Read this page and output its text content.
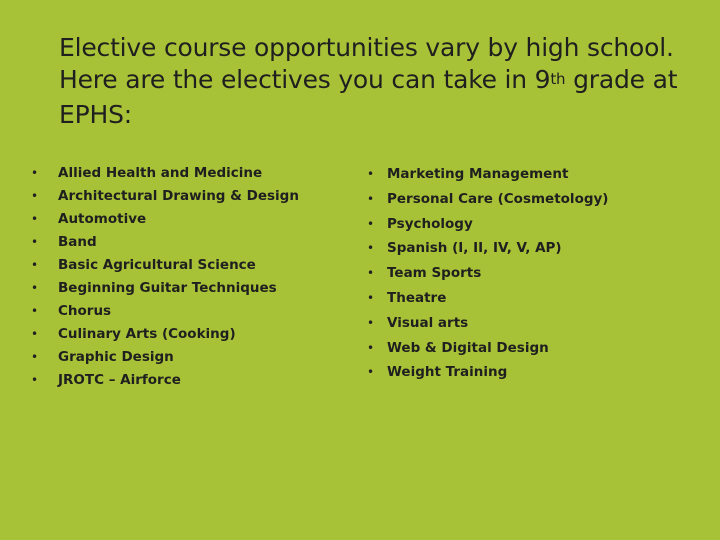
Elective course opportunities vary by high school.
Here are the electives you can take in 9th grade at
EPHS:
• Allied Health and Medicine
• Architectural Drawing & Design
• Automotive
• Band
• Basic Agricultural Science
• Beginning Guitar Techniques
• Chorus
• Culinary Arts (Cooking)
• Graphic Design
• JROTC – Airforce
• Marketing Management
• Personal Care (Cosmetology)
• Psychology
• Spanish (I, II, IV, V, AP)
• Team Sports
• Theatre
• Visual arts
• Web & Digital Design
• Weight Training
